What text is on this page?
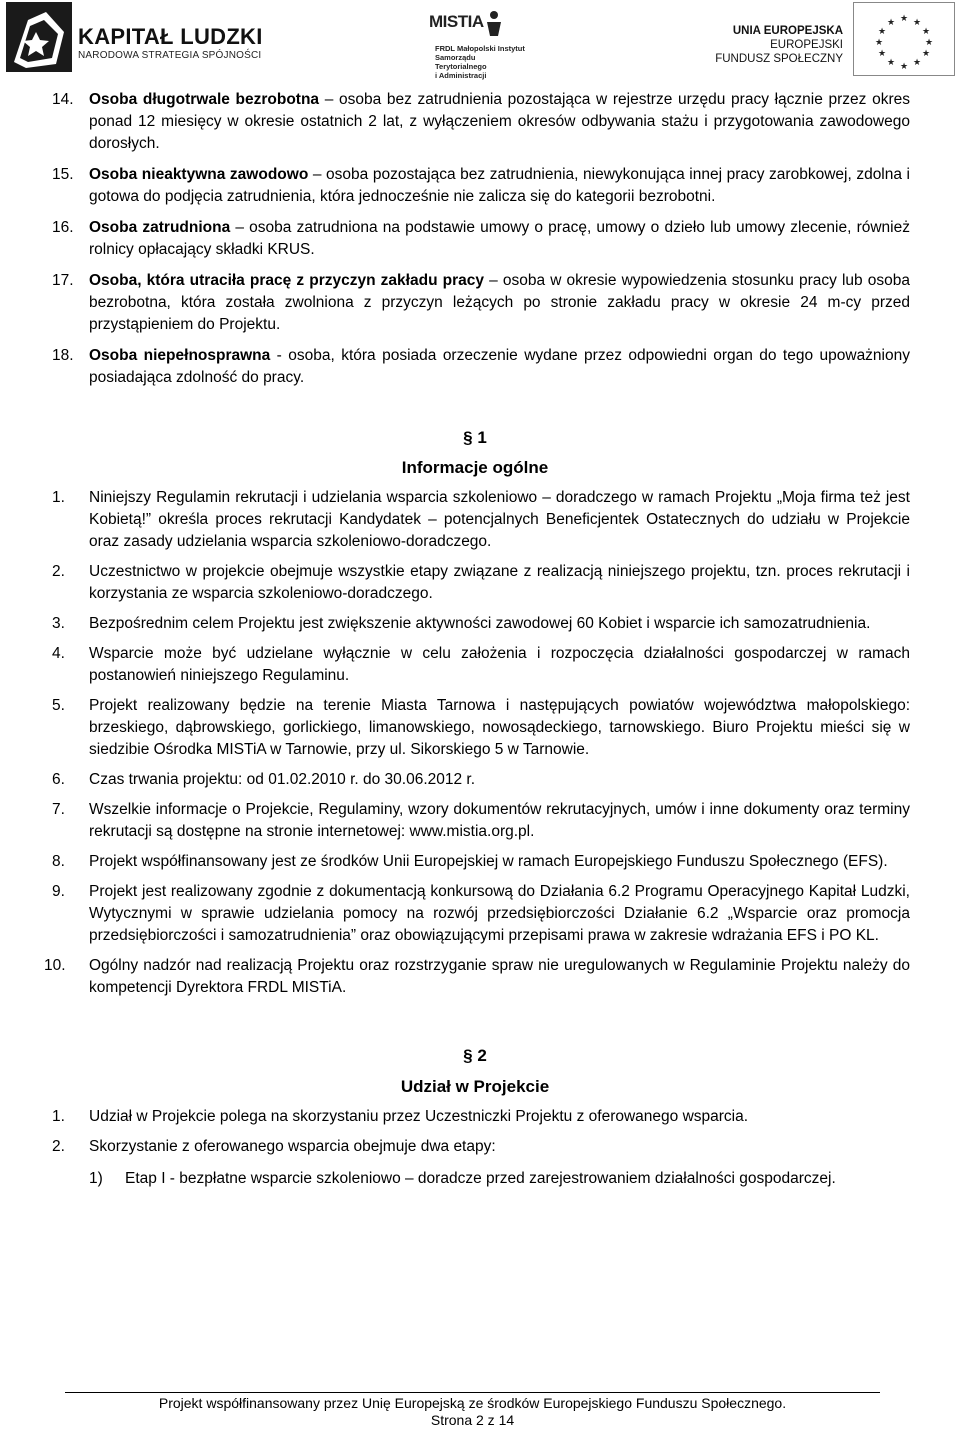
KAPITAŁ LUDZKI
NARODOWA STRATEGIA SPÓJNOŚCI
MISTIA
FRDL Małopolski Instytut
Samorządu Terytorialnego
i Administracji
UNIA EUROPEJSKA
EUROPEJSKI
FUNDUSZ SPOŁECZNY
★ ★
★
★
★
★
★
★
★
★
★
★
14. Osoba długotrwale bezrobotna – osoba bez zatrudnienia pozostająca w rejestrze urzędu pracy łącznie przez okres ponad 12 miesięcy w okresie ostatnich 2 lat, z wyłączeniem okresów odbywania stażu i przygotowania zawodowego dorosłych.
15. Osoba nieaktywna zawodowo – osoba pozostająca bez zatrudnienia, niewykonująca innej pracy zarobkowej, zdolna i gotowa do podjęcia zatrudnienia, która jednocześnie nie zalicza się do kategorii bezrobotni.
16. Osoba zatrudniona – osoba zatrudniona na podstawie umowy o pracę, umowy o dzieło lub umowy zlecenie, również rolnicy opłacający składki KRUS.
17. Osoba, która utraciła pracę z przyczyn zakładu pracy – osoba w okresie wypowiedzenia stosunku pracy lub osoba bezrobotna, która została zwolniona z przyczyn leżących po stronie zakładu pracy w okresie 24 m-cy przed przystąpieniem do Projektu.
18. Osoba niepełnosprawna - osoba, która posiada orzeczenie wydane przez odpowiedni organ do tego upoważniony posiadająca zdolność do pracy.
§ 1
Informacje ogólne
1. Niniejszy Regulamin rekrutacji i udzielania wsparcia szkoleniowo – doradczego w ramach Projektu „Moja firma też jest Kobietą!” określa proces rekrutacji Kandydatek – potencjalnych Beneficjentek Ostatecznych do udziału w Projekcie oraz zasady udzielania wsparcia szkoleniowo-doradczego.
2. Uczestnictwo w projekcie obejmuje wszystkie etapy związane z realizacją niniejszego projektu, tzn. proces rekrutacji i korzystania ze wsparcia szkoleniowo-doradczego.
3. Bezpośrednim celem Projektu jest zwiększenie aktywności zawodowej 60 Kobiet i wsparcie ich samozatrudnienia.
4. Wsparcie może być udzielane wyłącznie w celu założenia i rozpoczęcia działalności gospodarczej w ramach postanowień niniejszego Regulaminu.
5. Projekt realizowany będzie na terenie Miasta Tarnowa i następujących powiatów województwa małopolskiego: brzeskiego, dąbrowskiego, gorlickiego, limanowskiego, nowosądeckiego, tarnowskiego. Biuro Projektu mieści się w siedzibie Ośrodka MISTiA w Tarnowie, przy ul. Sikorskiego 5 w Tarnowie.
6. Czas trwania projektu: od 01.02.2010 r. do 30.06.2012 r.
7. Wszelkie informacje o Projekcie, Regulaminy, wzory dokumentów rekrutacyjnych, umów i inne dokumenty oraz terminy rekrutacji są dostępne na stronie internetowej: www.mistia.org.pl.
8. Projekt współfinansowany jest ze środków Unii Europejskiej w ramach Europejskiego Funduszu Społecznego (EFS).
9. Projekt jest realizowany zgodnie z dokumentacją konkursową do Działania 6.2 Programu Operacyjnego Kapitał Ludzki, Wytycznymi w sprawie udzielania pomocy na rozwój przedsiębiorczości Działanie 6.2 „Wsparcie oraz promocja przedsiębiorczości i samozatrudnienia” oraz obowiązującymi przepisami prawa w zakresie wdrażania EFS i PO KL.
10. Ogólny nadzór nad realizacją Projektu oraz rozstrzyganie spraw nie uregulowanych w Regulaminie Projektu należy do kompetencji Dyrektora FRDL MISTiA.
§ 2
Udział w Projekcie
1. Udział w Projekcie polega na skorzystaniu przez Uczestniczki Projektu z oferowanego wsparcia.
2. Skorzystanie z oferowanego wsparcia obejmuje dwa etapy:
1) Etap I - bezpłatne wsparcie szkoleniowo – doradcze przed zarejestrowaniem działalności gospodarczej.
Projekt współfinansowany przez Unię Europejską ze środków Europejskiego Funduszu Społecznego.
Strona 2 z 14
